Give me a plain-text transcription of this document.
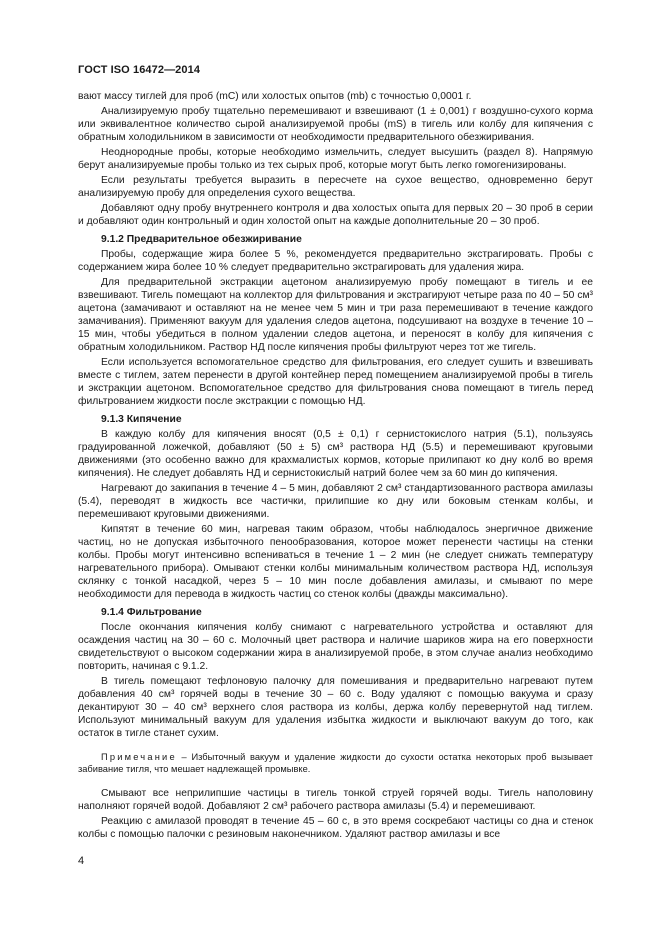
ГОСТ ISO 16472—2014

вают массу тиглей для проб (mC) или холостых опытов (mb) с точностью 0,0001 г.

Анализируемую пробу тщательно перемешивают и взвешивают (1 ± 0,001) г воздушно-сухого корма или эквивалентное количество сырой анализируемой пробы (mS) в тигель или колбу для кипячения с обратным холодильником в зависимости от необходимости предварительного обезжиривания.

Неоднородные пробы, которые необходимо измельчить, следует высушить (раздел 8). Напрямую берут анализируемые пробы только из тех сырых проб, которые могут быть легко гомогенизированы.

Если результаты требуется выразить в пересчете на сухое вещество, одновременно берут анализируемую пробу для определения сухого вещества.

Добавляют одну пробу внутреннего контроля и два холостых опыта для первых 20 – 30 проб в серии и добавляют один контрольный и один холостой опыт на каждые дополнительные 20 – 30 проб.

9.1.2 Предварительное обезжиривание

Пробы, содержащие жира более 5 %, рекомендуется предварительно экстрагировать. Пробы с содержанием жира более 10 % следует предварительно экстрагировать для удаления жира.

Для предварительной экстракции ацетоном анализируемую пробу помещают в тигель и ее взвешивают. Тигель помещают на коллектор для фильтрования и экстрагируют четыре раза по 40 – 50 см³ ацетона (замачивают и оставляют на не менее чем 5 мин и три раза перемешивают в течение каждого замачивания). Применяют вакуум для удаления следов ацетона, подсушивают на воздухе в течение 10 – 15 мин, чтобы убедиться в полном удалении следов ацетона, и переносят в колбу для кипячения с обратным холодильником. Раствор НД после кипячения пробы фильтруют через тот же тигель.

Если используется вспомогательное средство для фильтрования, его следует сушить и взвешивать вместе с тиглем, затем перенести в другой контейнер перед помещением анализируемой пробы в тигель и экстракции ацетоном. Вспомогательное средство для фильтрования снова помещают в тигель перед фильтрованием жидкости после экстракции с помощью НД.

9.1.3 Кипячение

В каждую колбу для кипячения вносят (0,5 ± 0,1) г сернистокислого натрия (5.1), пользуясь градуированной ложечкой, добавляют (50 ± 5) см³ раствора НД (5.5) и перемешивают круговыми движениями (это особенно важно для крахмалистых кормов, которые прилипают ко дну колб во время кипячения). Не следует добавлять НД и сернистокислый натрий более чем за 60 мин до кипячения.

Нагревают до закипания в течение 4 – 5 мин, добавляют 2 см³ стандартизованного раствора амилазы (5.4), переводят в жидкость все частички, прилипшие ко дну или боковым стенкам колбы, и перемешивают круговыми движениями.

Кипятят в течение 60 мин, нагревая таким образом, чтобы наблюдалось энергичное движение частиц, но не допуская избыточного пенообразования, которое может перенести частицы на стенки колбы. Пробы могут интенсивно вспениваться в течение 1 – 2 мин (не следует снижать температуру нагревательного прибора). Омывают стенки колбы минимальным количеством раствора НД, используя склянку с тонкой насадкой, через 5 – 10 мин после добавления амилазы, и смывают по мере необходимости для перевода в жидкость частиц со стенок колбы (дважды максимально).

9.1.4 Фильтрование

После окончания кипячения колбу снимают с нагревательного устройства и оставляют для осаждения частиц на 30 – 60 с. Молочный цвет раствора и наличие шариков жира на его поверхности свидетельствуют о высоком содержании жира в анализируемой пробе, в этом случае анализ необходимо повторить, начиная с 9.1.2.

В тигель помещают тефлоновую палочку для помешивания и предварительно нагревают путем добавления 40 см³ горячей воды в течение 30 – 60 с. Воду удаляют с помощью вакуума и сразу декантируют 30 – 40 см³ верхнего слоя раствора из колбы, держа колбу перевернутой над тиглем. Используют минимальный вакуум для удаления избытка жидкости и выключают вакуум до того, как остаток в тигле станет сухим.

Примечание – Избыточный вакуум и удаление жидкости до сухости остатка некоторых проб вызывает забивание тигля, что мешает надлежащей промывке.

Смывают все неприлипшие частицы в тигель тонкой струей горячей воды. Тигель наполовину наполняют горячей водой. Добавляют 2 см³ рабочего раствора амилазы (5.4) и перемешивают.

Реакцию с амилазой проводят в течение 45 – 60 с, в это время соскребают частицы со дна и стенок колбы с помощью палочки с резиновым наконечником. Удаляют раствор амилазы и все

4
